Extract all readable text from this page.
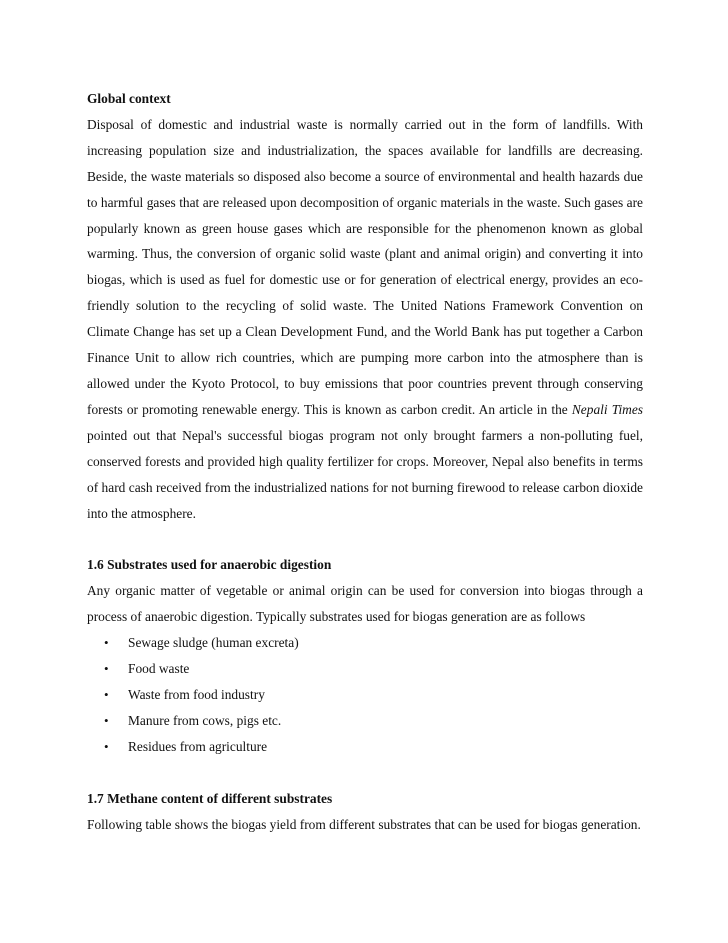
Global context

Disposal of domestic and industrial waste is normally carried out in the form of landfills. With increasing population size and industrialization, the spaces available for landfills are decreasing. Beside, the waste materials so disposed also become a source of environmental and health hazards due to harmful gases that are released upon decomposition of organic materials in the waste. Such gases are popularly known as green house gases which are responsible for the phenomenon known as global warming. Thus, the conversion of organic solid waste (plant and animal origin) and converting it into biogas, which is used as fuel for domestic use or for generation of electrical energy, provides an eco-friendly solution to the recycling of solid waste. The United Nations Framework Convention on Climate Change has set up a Clean Development Fund, and the World Bank has put together a Carbon Finance Unit to allow rich countries, which are pumping more carbon into the atmosphere than is allowed under the Kyoto Protocol, to buy emissions that poor countries prevent through conserving forests or promoting renewable energy. This is known as carbon credit. An article in the Nepali Times pointed out that Nepal's successful biogas program not only brought farmers a non-polluting fuel, conserved forests and provided high quality fertilizer for crops. Moreover, Nepal also benefits in terms of hard cash received from the industrialized nations for not burning firewood to release carbon dioxide into the atmosphere.

1.6 Substrates used for anaerobic digestion

Any organic matter of vegetable or animal origin can be used for conversion into biogas through a process of anaerobic digestion. Typically substrates used for biogas generation are as follows

• Sewage sludge (human excreta)
• Food waste
• Waste from food industry
• Manure from cows, pigs etc.
• Residues from agriculture

1.7 Methane content of different substrates

Following table shows the biogas yield from different substrates that can be used for biogas generation.
